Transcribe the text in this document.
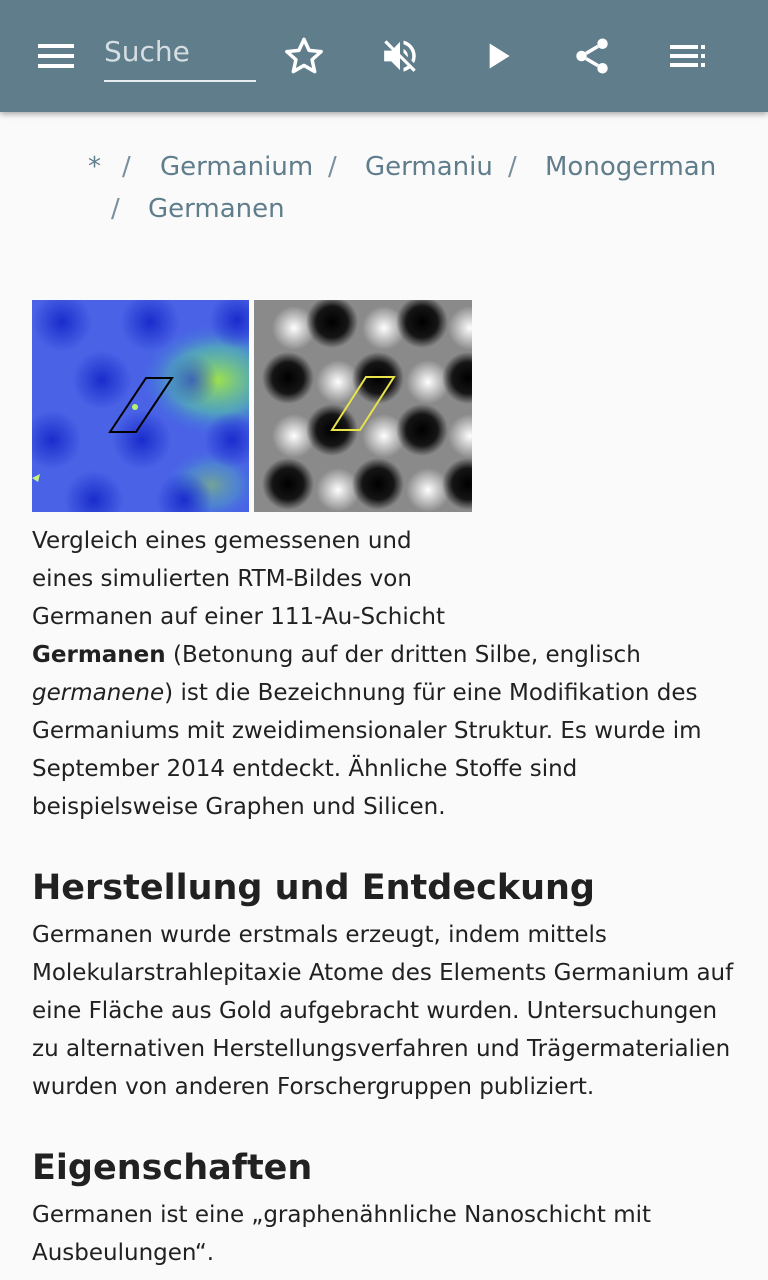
Suche
* / Germanium / Germaniu / Monogerman
/ Germanen
Vergleich eines gemessenen und eines simulierten RTM-Bildes von Germanen auf einer 111-Au-Schicht
Germanen (Betonung auf der dritten Silbe, englisch germanene) ist die Bezeichnung für eine Modifikation des Germaniums mit zweidimensionaler Struktur. Es wurde im September 2014 entdeckt. Ähnliche Stoffe sind beispielsweise Graphen und Silicen.
Herstellung und Entdeckung
Germanen wurde erstmals erzeugt, indem mittels Molekularstrahlepitaxie Atome des Elements Germanium auf eine Fläche aus Gold aufgebracht wurden. Untersuchungen zu alternativen Herstellungsverfahren und Trägermaterialien wurden von anderen Forschergruppen publiziert.
Eigenschaften
Germanen ist eine „graphenähnliche Nanoschicht mit Ausbeulungen“.
